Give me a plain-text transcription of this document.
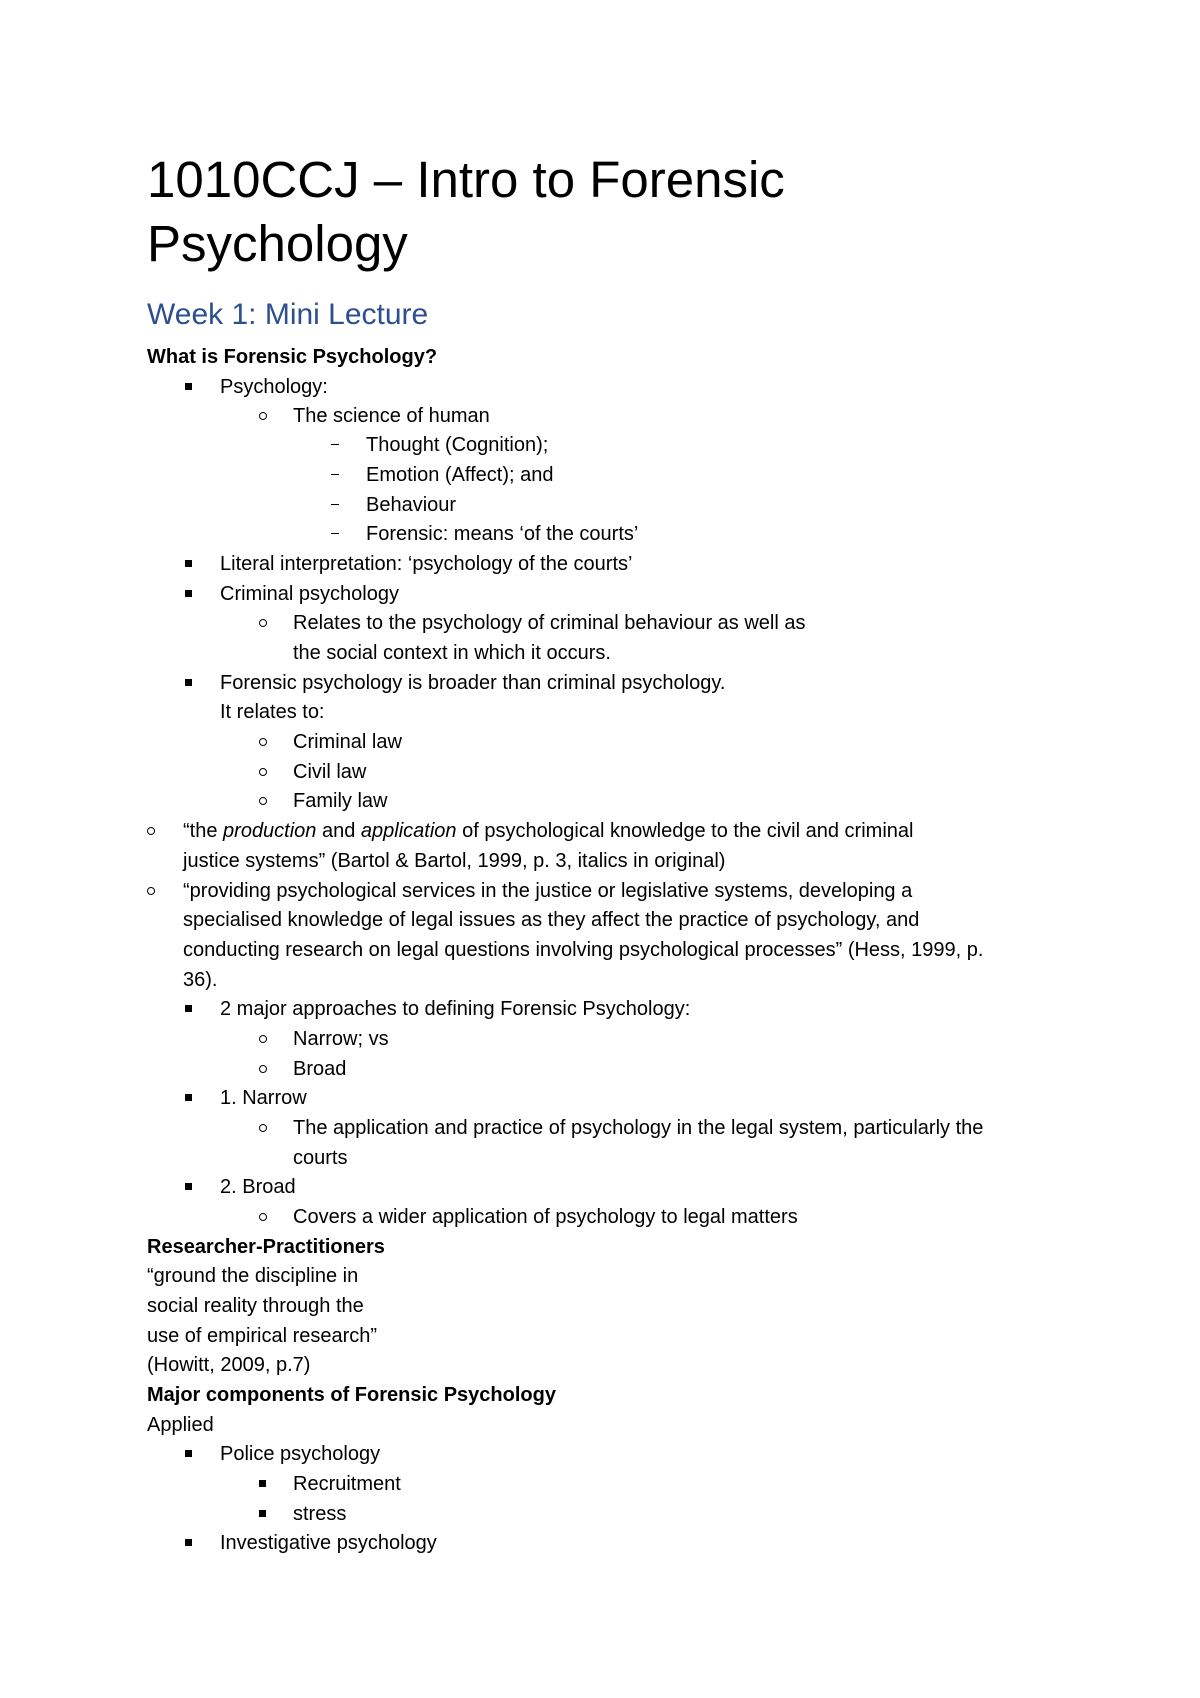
1010CCJ – Intro to Forensic
Psychology
Week 1: Mini Lecture
What is Forensic Psychology?
Psychology:
The science of human
Thought (Cognition);
Emotion (Affect); and
Behaviour
Forensic: means ‘of the courts’
Literal interpretation: ‘psychology of the courts’
Criminal psychology
Relates to the psychology of criminal behaviour as well as
the social context in which it occurs.
Forensic psychology is broader than criminal psychology.
It relates to:
Criminal law
Civil law
Family law
“the production and application of psychological knowledge to the civil and criminal
justice systems” (Bartol & Bartol, 1999, p. 3, italics in original)
“providing psychological services in the justice or legislative systems, developing a
specialised knowledge of legal issues as they affect the practice of psychology, and
conducting research on legal questions involving psychological processes” (Hess, 1999, p.
36).
2 major approaches to defining Forensic Psychology:
Narrow; vs
Broad
1. Narrow
The application and practice of psychology in the legal system, particularly the
courts
2. Broad
Covers a wider application of psychology to legal matters
Researcher-Practitioners
“ground the discipline in
social reality through the
use of empirical research”
(Howitt, 2009, p.7)
Major components of Forensic Psychology
Applied
Police psychology
Recruitment
stress
Investigative psychology
